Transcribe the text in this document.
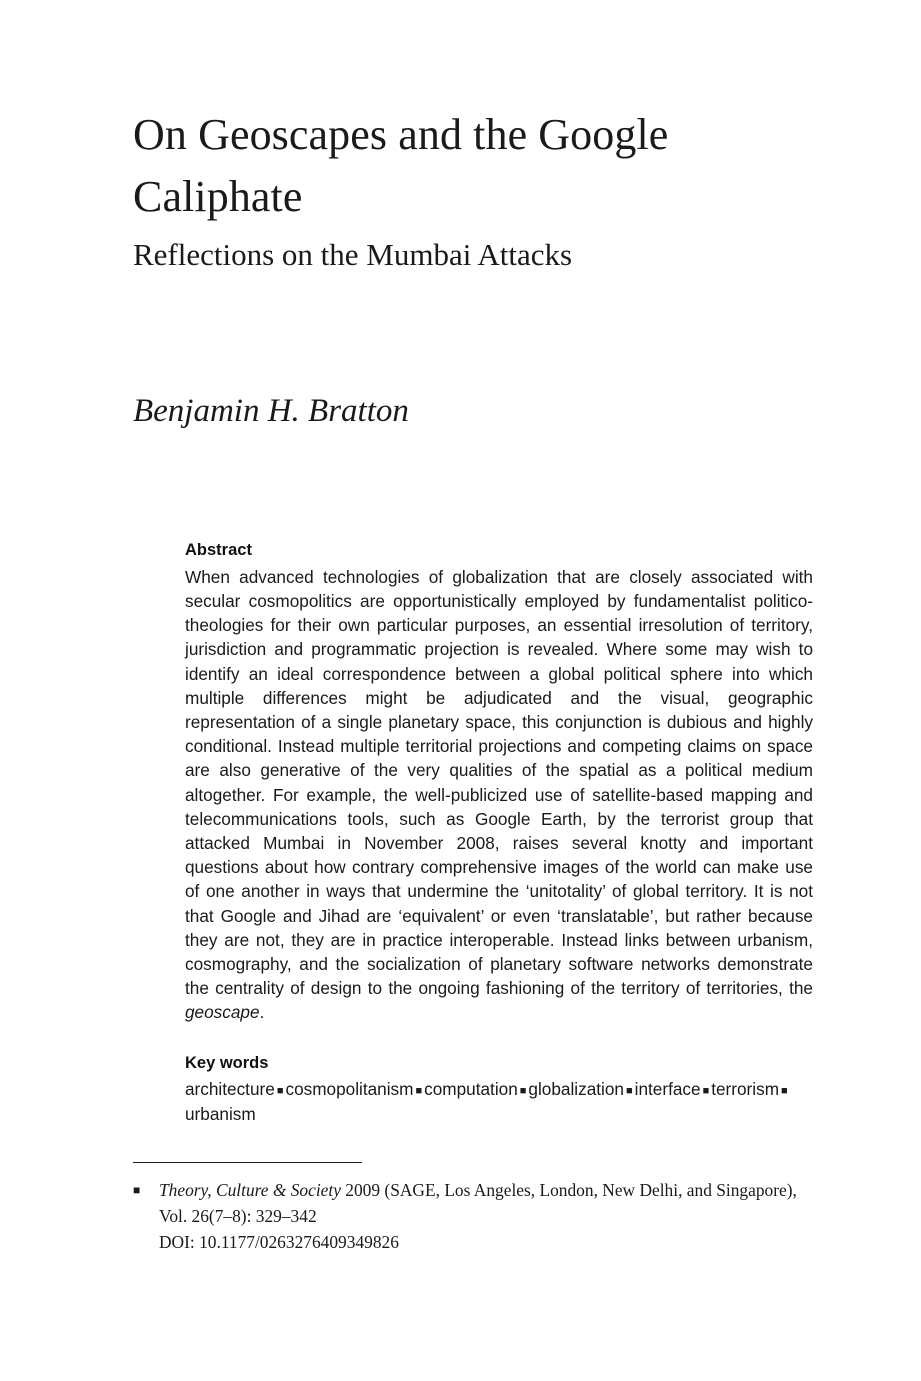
On Geoscapes and the Google Caliphate
Reflections on the Mumbai Attacks
Benjamin H. Bratton
Abstract

When advanced technologies of globalization that are closely associated with secular cosmopolitics are opportunistically employed by fundamentalist politico-theologies for their own particular purposes, an essential irresolution of territory, jurisdiction and programmatic projection is revealed. Where some may wish to identify an ideal correspondence between a global political sphere into which multiple differences might be adjudicated and the visual, geographic representation of a single planetary space, this conjunction is dubious and highly conditional. Instead multiple territorial projections and competing claims on space are also generative of the very qualities of the spatial as a political medium altogether. For example, the well-publicized use of satellite-based mapping and telecommunications tools, such as Google Earth, by the terrorist group that attacked Mumbai in November 2008, raises several knotty and important questions about how contrary comprehensive images of the world can make use of one another in ways that undermine the ‘unitotality’ of global territory. It is not that Google and Jihad are ‘equivalent’ or even ‘translatable’, but rather because they are not, they are in practice interoperable. Instead links between urbanism, cosmography, and the socialization of planetary software networks demonstrate the centrality of design to the ongoing fashioning of the territory of territories, the geoscape.

Key words

architecture ■ cosmopolitanism ■ computation ■ globalization ■ interface ■ terrorism ■urbanism

■ Theory, Culture & Society 2009 (SAGE, Los Angeles, London, New Delhi, and Singapore),
Vol. 26(7–8): 329–342
DOI: 10.1177/0263276409349826
